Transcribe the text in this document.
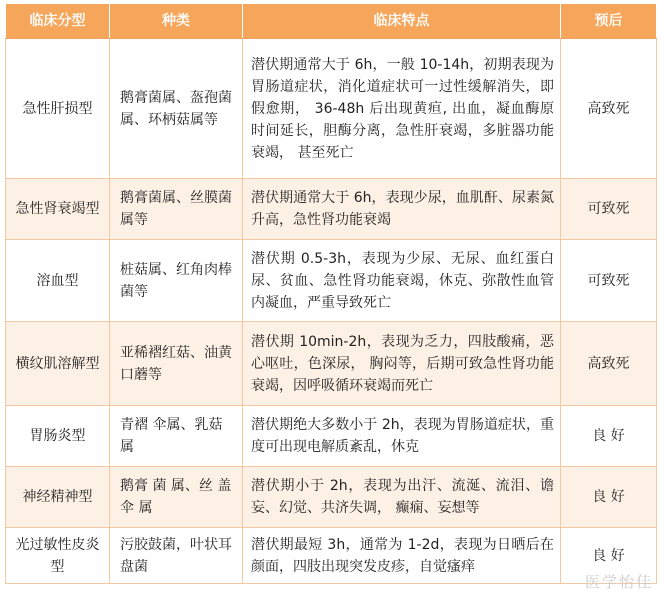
临床分型	种类	临床特点	预后
急性肝损型	鹅膏菌属、盔孢菌属、环柄菇属等	潜伏期通常大于 6h，一般 10-14h，初期表现为胃肠道症状，消化道症状可一过性缓解消失，即假愈期， 36-48h 后出现黄疸, 出血，凝血酶原时间延长，胆酶分离，急性肝衰竭，多脏器功能衰竭， 甚至死亡	高致死
急性肾衰竭型	鹅膏菌属、丝膜菌属等	潜伏期通常大于 6h，表现少尿，血肌酐、尿素氮升高，急性肾功能衰竭	可致死
溶血型	桩菇属、红角肉棒菌等	潜伏期 0.5-3h，表现为少尿、无尿、血红蛋白尿、贫血、急性肾功能衰竭，休克、弥散性血管内凝血，严重导致死亡	可致死
横纹肌溶解型	亚稀褶红菇、油黄口蘑等	潜伏期 10min-2h，表现为乏力，四肢酸痛，恶心呕吐，色深尿， 胸闷等，后期可致急性肾功能衰竭，因呼吸循环衰竭而死亡	高致死
胃肠炎型	青褶 伞属、乳菇属	潜伏期绝大多数小于 2h，表现为胃肠道症状，重度可出现电解质紊乱，休克	良 好
神经精神型	鹅膏 菌 属、丝 盖 伞 属	潜伏期小于 2h，表现为出汗、流涎、流泪、谵妄、幻觉、共济失调， 癫痫、妄想等	良 好
光过敏性皮炎型	污胶鼓菌，叶状耳盘菌	潜伏期最短 3h，通常为 1-2d，表现为日晒后在颜面，四肢出现突发皮疹，自觉瘙痒	良 好
医学怡佳
